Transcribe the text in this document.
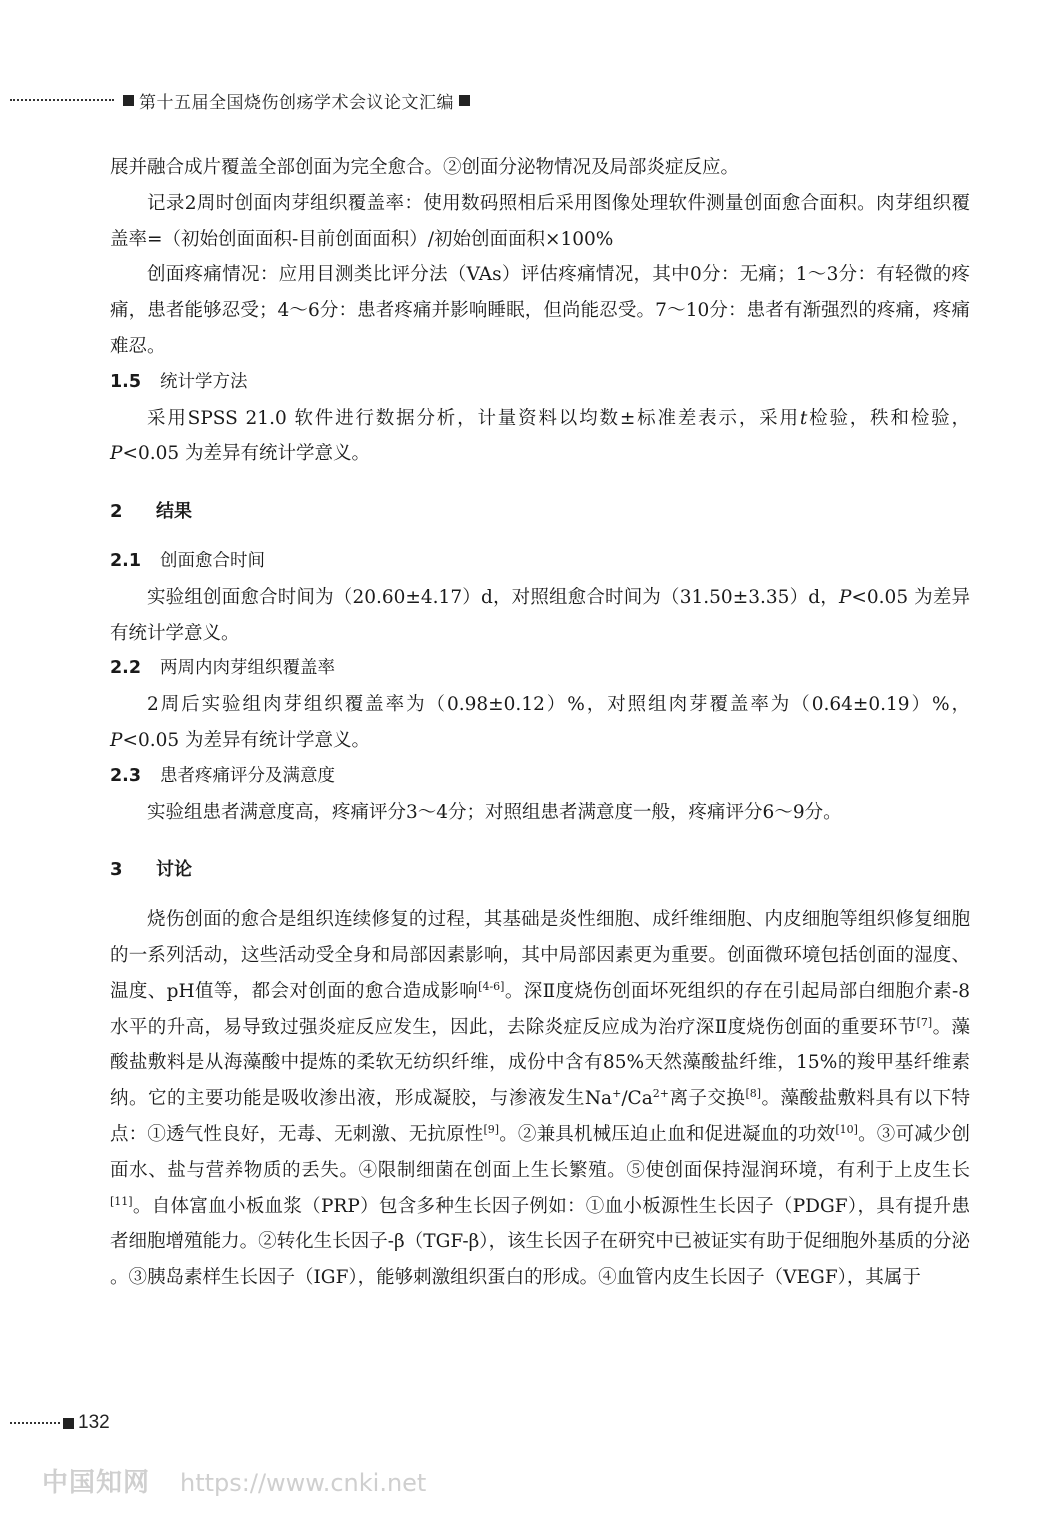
第十五届全国烧伤创疡学术会议论文汇编

展并融合成片覆盖全部创面为完全愈合。②创面分泌物情况及局部炎症反应。

记录2周时创面肉芽组织覆盖率：使用数码照相后采用图像处理软件测量创面愈合面积。肉芽组织覆盖率=（初始创面面积-目前创面面积）/初始创面面积×100%

创面疼痛情况：应用目测类比评分法（VAs）评估疼痛情况，其中0分：无痛；1～3分：有轻微的疼痛，患者能够忍受；4～6分：患者疼痛并影响睡眠，但尚能忍受。7～10分：患者有渐强烈的疼痛，疼痛难忍。

1.5 统计学方法

采用SPSS 21.0 软件进行数据分析，计量资料以均数±标准差表示，采用t检验，秩和检验，P<0.05 为差异有统计学意义。

2 结果
2.1 创面愈合时间

实验组创面愈合时间为（20.60±4.17）d，对照组愈合时间为（31.50±3.35）d，P<0.05 为差异有统计学意义。

2.2 两周内肉芽组织覆盖率

2周后实验组肉芽组织覆盖率为（0.98±0.12）%，对照组肉芽覆盖率为（0.64±0.19）%，P<0.05 为差异有统计学意义。

2.3 患者疼痛评分及满意度

实验组患者满意度高，疼痛评分3～4分；对照组患者满意度一般，疼痛评分6～9分。

3 讨论

烧伤创面的愈合是组织连续修复的过程，其基础是炎性细胞、成纤维细胞、内皮细胞等组织修复细胞的一系列活动，这些活动受全身和局部因素影响，其中局部因素更为重要。创面微环境包括创面的湿度、温度、pH值等，都会对创面的愈合造成影响[4-6]。深Ⅱ度烧伤创面坏死组织的存在引起局部白细胞介素-8水平的升高，易导致过强炎症反应发生，因此，去除炎症反应成为治疗深Ⅱ度烧伤创面的重要环节[7]。藻酸盐敷料是从海藻酸中提炼的柔软无纺织纤维，成份中含有85%天然藻酸盐纤维，15%的羧甲基纤维素纳。它的主要功能是吸收渗出液，形成凝胶，与渗液发生$Na^+/Ca^{2+}$离子交换[8]。藻酸盐敷料具有以下特点：①透气性良好，无毒、无刺激、无抗原性[9]。②兼具机械压迫止血和促进凝血的功效[10]。③可减少创面水、盐与营养物质的丢失。④限制细菌在创面上生长繁殖。⑤使创面保持湿润环境，有利于上皮生长[11]。自体富血小板血浆（PRP）包含多种生长因子例如：①血小板源性生长因子（PDGF），具有提升患者细胞增殖能力。②转化生长因子-β（TGF-β），该生长因子在研究中已被证实有助于促细胞外基质的分泌 。③胰岛素样生长因子（IGF），能够刺激组织蛋白的形成。④血管内皮生长因子（VEGF），其属于

132
中国知网 https://www.cnki.net
